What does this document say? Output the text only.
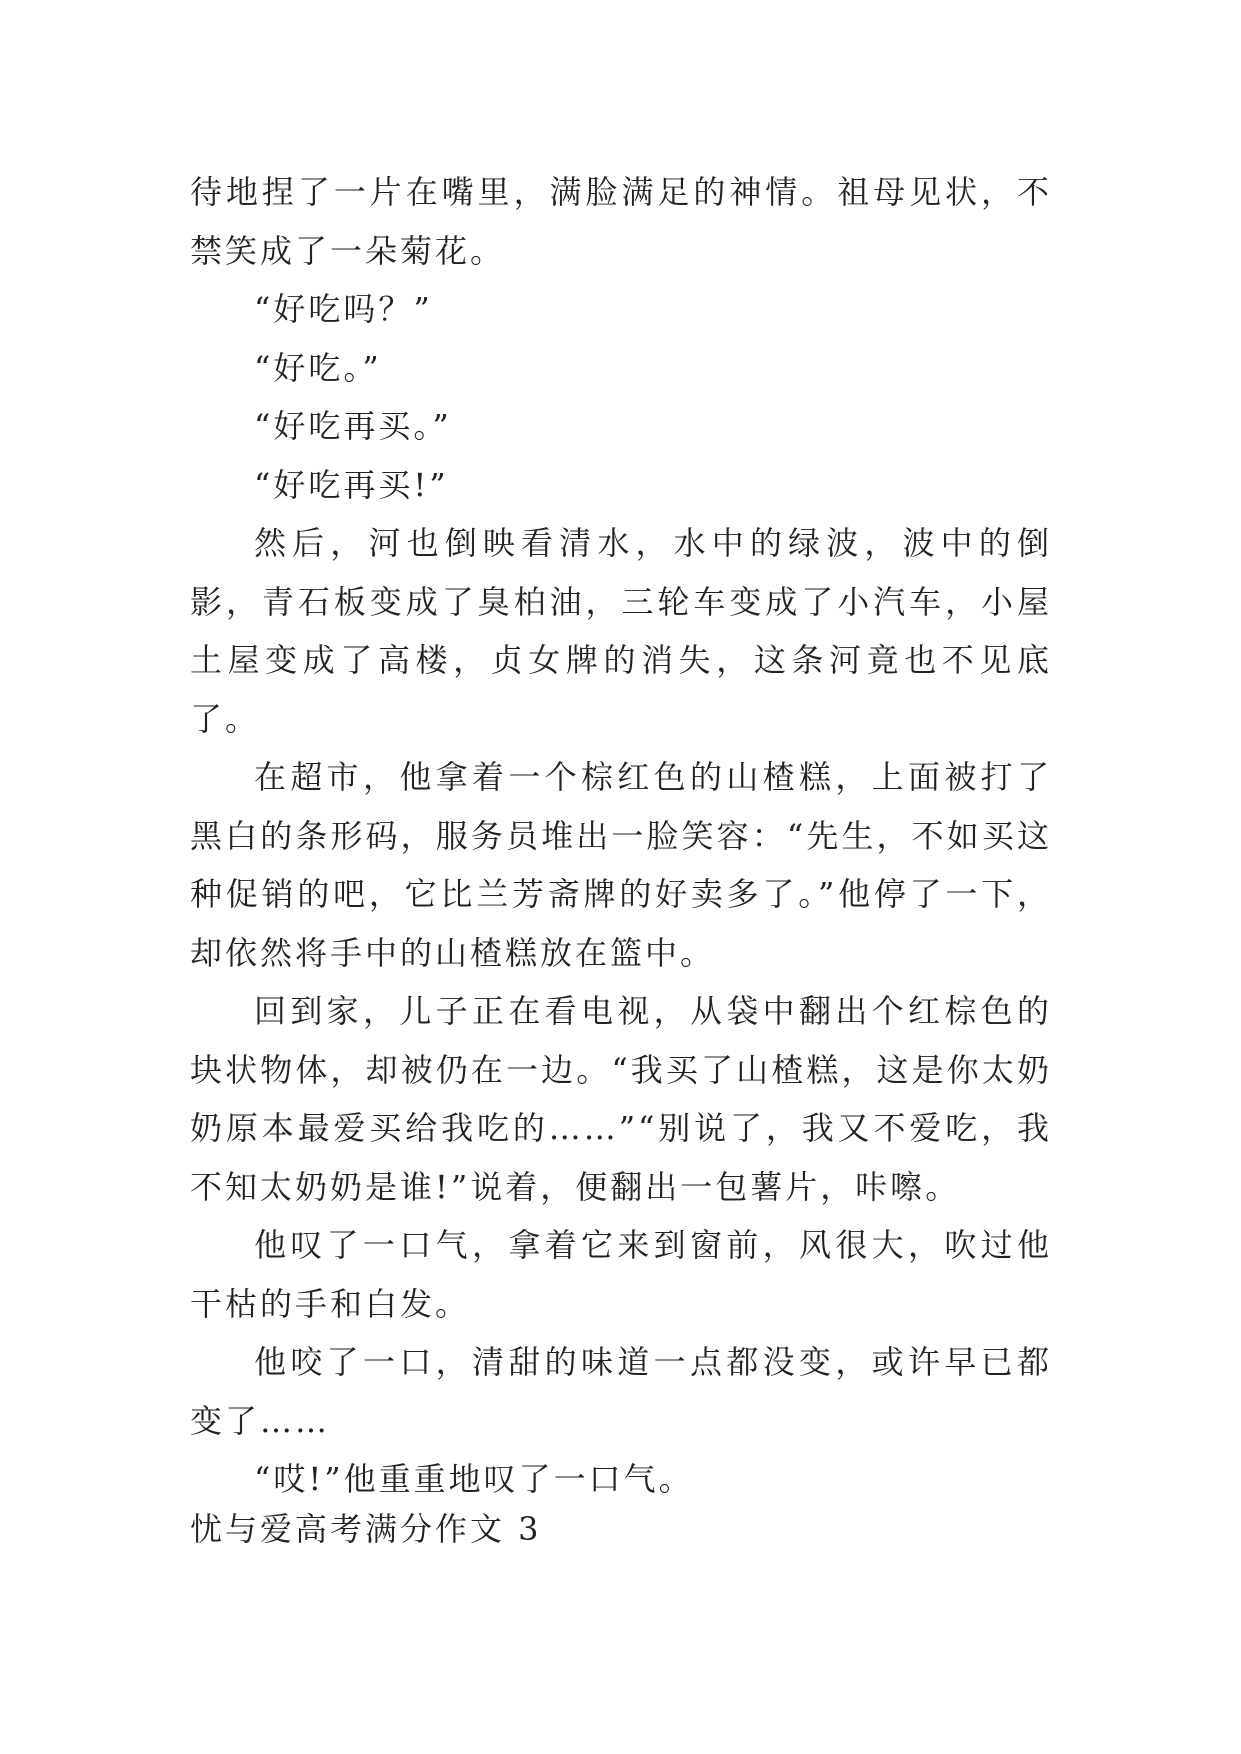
待地捏了一片在嘴里，满脸满足的神情。祖母见状，不禁笑成了一朵菊花。

“好吃吗？”

“好吃。”

“好吃再买。”

“好吃再买!”

然后，河也倒映看清水，水中的绿波，波中的倒影，青石板变成了臭柏油，三轮车变成了小汽车，小屋土屋变成了高楼，贞女牌的消失，这条河竟也不见底了。

在超市，他拿着一个棕红色的山楂糕，上面被打了黑白的条形码，服务员堆出一脸笑容：“先生，不如买这种促销的吧，它比兰芳斋牌的好卖多了。”他停了一下，却依然将手中的山楂糕放在篮中。

回到家，儿子正在看电视，从袋中翻出个红棕色的块状物体，却被仍在一边。“我买了山楂糕，这是你太奶奶原本最爱买给我吃的……”“别说了，我又不爱吃，我不知太奶奶是谁!”说着，便翻出一包薯片，咔嚓。

他叹了一口气，拿着它来到窗前，风很大，吹过他干枯的手和白发。

他咬了一口，清甜的味道一点都没变，或许早已都变了……

“哎!”他重重地叹了一口气。

忧与爱高考满分作文 3
